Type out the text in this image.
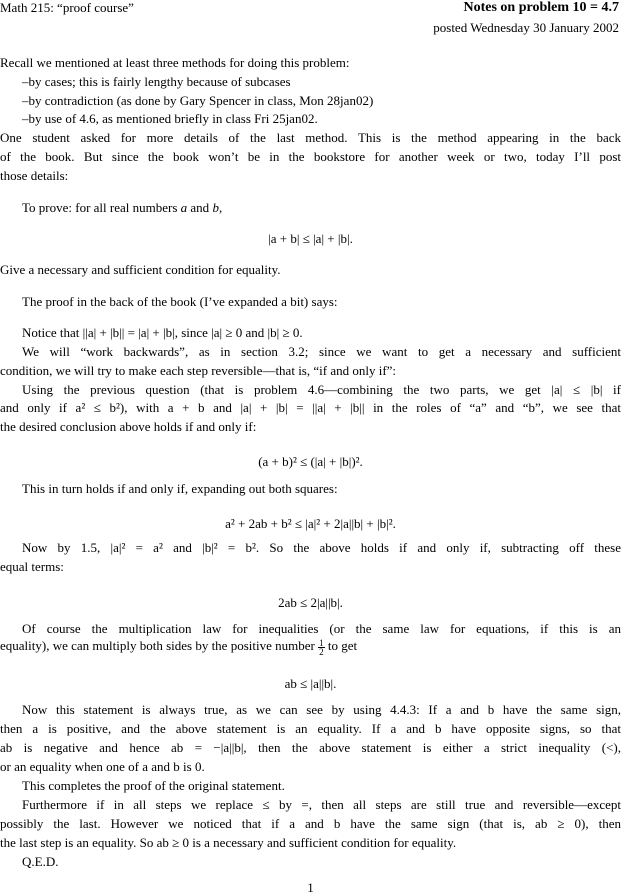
Math 215: “proof course”	Notes on problem 10 = 4.7
posted Wednesday 30 January 2002
Recall we mentioned at least three methods for doing this problem:
–by cases; this is fairly lengthy because of subcases
–by contradiction (as done by Gary Spencer in class, Mon 28jan02)
–by use of 4.6, as mentioned briefly in class Fri 25jan02.
One student asked for more details of the last method. This is the method appearing in the back
of the book. But since the book won’t be in the bookstore for another week or two, today I’ll post
those details:
To prove: for all real numbers a and b,
|a + b| ≤ |a| + |b|.
Give a necessary and sufficient condition for equality.
The proof in the back of the book (I’ve expanded a bit) says:
Notice that ||a| + |b|| = |a| + |b|, since |a| ≥ 0 and |b| ≥ 0.
We will “work backwards”, as in section 3.2; since we want to get a necessary and sufficient
condition, we will try to make each step reversible—that is, “if and only if”:
Using the previous question (that is problem 4.6—combining the two parts, we get |a| ≤ |b| if
and only if a² ≤ b²), with a + b and |a| + |b| = ||a| + |b|| in the roles of “a” and “b”, we see that
the desired conclusion above holds if and only if:
(a + b)² ≤ (|a| + |b|)².
This in turn holds if and only if, expanding out both squares:
a² + 2ab + b² ≤ |a|² + 2|a||b| + |b|².
Now by 1.5, |a|² = a² and |b|² = b². So the above holds if and only if, subtracting off these
equal terms:
2ab ≤ 2|a||b|.
Of course the multiplication law for inequalities (or the same law for equations, if this is an
equality), we can multiply both sides by the positive number $\frac{1}{2}$ to get
ab ≤ |a||b|.
Now this statement is always true, as we can see by using 4.4.3: If a and b have the same sign,
then a is positive, and the above statement is an equality. If a and b have opposite signs, so that
ab is negative and hence ab = −|a||b|, then the above statement is either a strict inequality (<),
or an equality when one of a and b is 0.
This completes the proof of the original statement.
Furthermore if in all steps we replace ≤ by =, then all steps are still true and reversible—except
possibly the last. However we noticed that if a and b have the same sign (that is, ab ≥ 0), then
the last step is an equality. So ab ≥ 0 is a necessary and sufficient condition for equality.
Q.E.D.
1
